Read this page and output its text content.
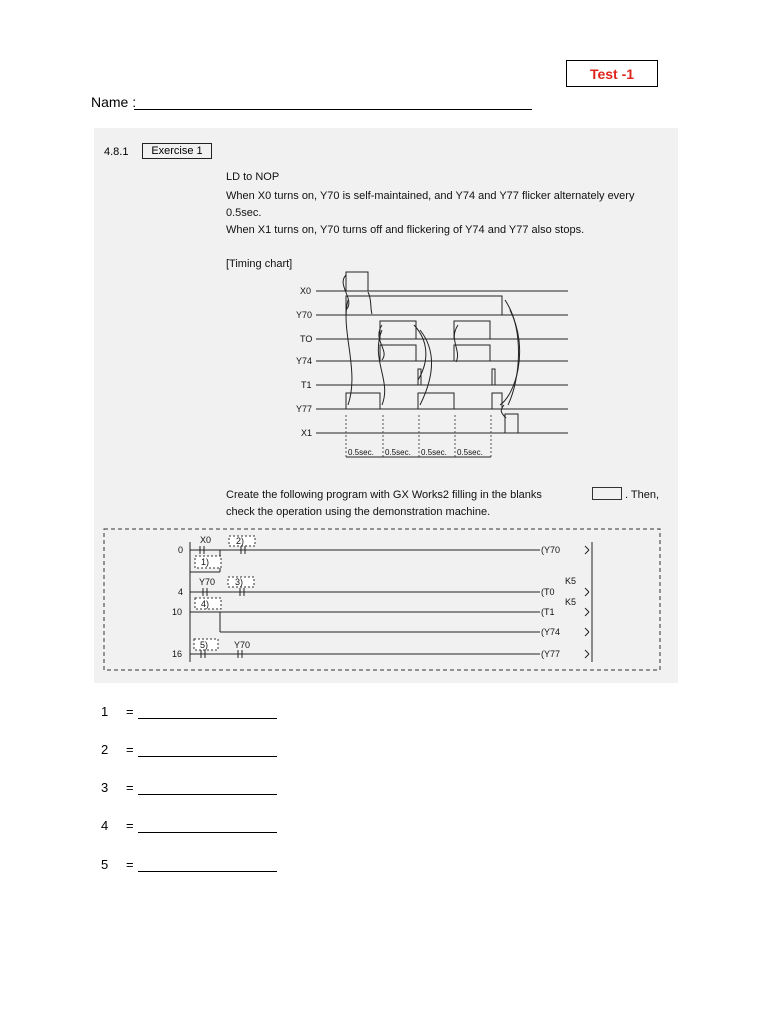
Test -1
Name :
4.8.1	Exercise 1
LD to NOP
When X0 turns on, Y70 is self-maintained, and Y74 and Y77 flicker alternately every
0.5sec.
When X1 turns on, Y70 turns off and flickering of Y74 and Y77 also stops.
[Timing chart]
X0
Y70
TO
Y74
T1
Y77
X1
0.5sec. 0.5sec. 0.5sec. 0.5sec.
Create the following program with GX Works2 filling in the blanks	. Then,
check the operation using the demonstration machine.
0
4
10
16
X0
Y70
Y70
1)
2)
3)
4)
5)
(Y70
(T0
(T1
(Y74
(Y77
K5
K5
1 =
2 =
3 =
4 =
5 =
